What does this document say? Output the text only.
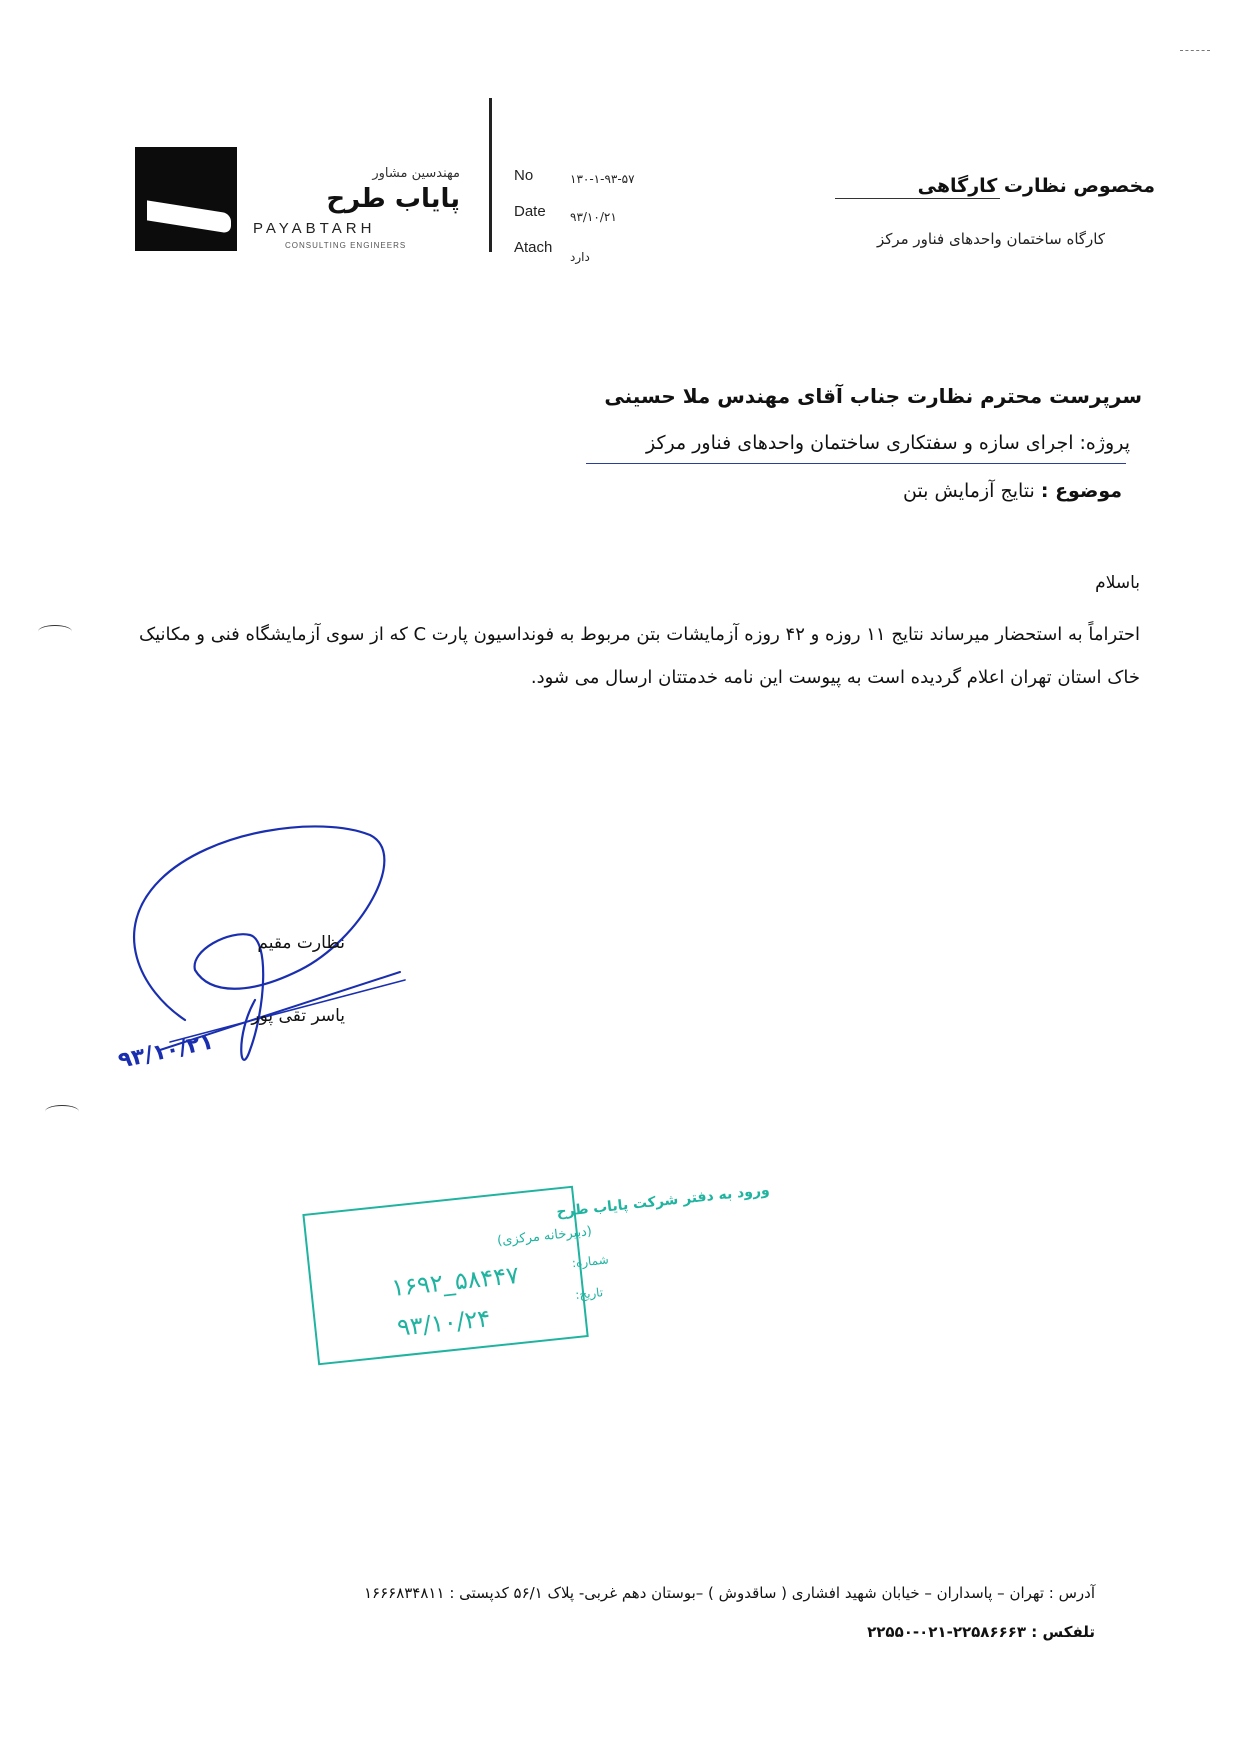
مهندسین مشاور
پایاب طرح
PAYABTARH
CONSULTING ENGINEERS
No	۱۳۰-۱-۹۳-۵۷
Date ۹۳/۱۰/۲۱
Atach
دارد
مخصوص نظارت کارگاهی
کارگاه ساختمان واحدهای فناور مرکز
سرپرست محترم نظارت جناب آقای مهندس ملا حسینی
پروژه: اجرای سازه و سفتکاری ساختمان واحدهای فناور مرکز
موضوع : نتایج آزمایش بتن
باسلام
احتراماً به استحضار میرساند نتایج ۱۱ روزه و ۴۲ روزه آزمایشات بتن مربوط به فونداسیون پارت C که از سوی آزمایشگاه فنی و مکانیک خاک استان تهران اعلام گردیده است به پیوست این نامه خدمتتان ارسال می شود.
۹۳/۱۰/۲۱
نظارت مقیم
یاسر تقی پور
ورود به دفتر شرکت پایاب طرح
(دبیرخانه مرکزی)
شماره:
۱۶۹۲_۵۸۴۴۷	تاریخ:
۹۳/۱۰/۲۴
آدرس : تهران – پاسداران – خیابان شهید افشاری ( ساقدوش ) –بوستان دهم غربی- پلاک ۵۶/۱ کدپستی : ۱۶۶۶۸۳۴۸۱۱
تلفکس : ۲۲۵۸۶۶۶۳-۰۲۱-۲۲۵۵۰
